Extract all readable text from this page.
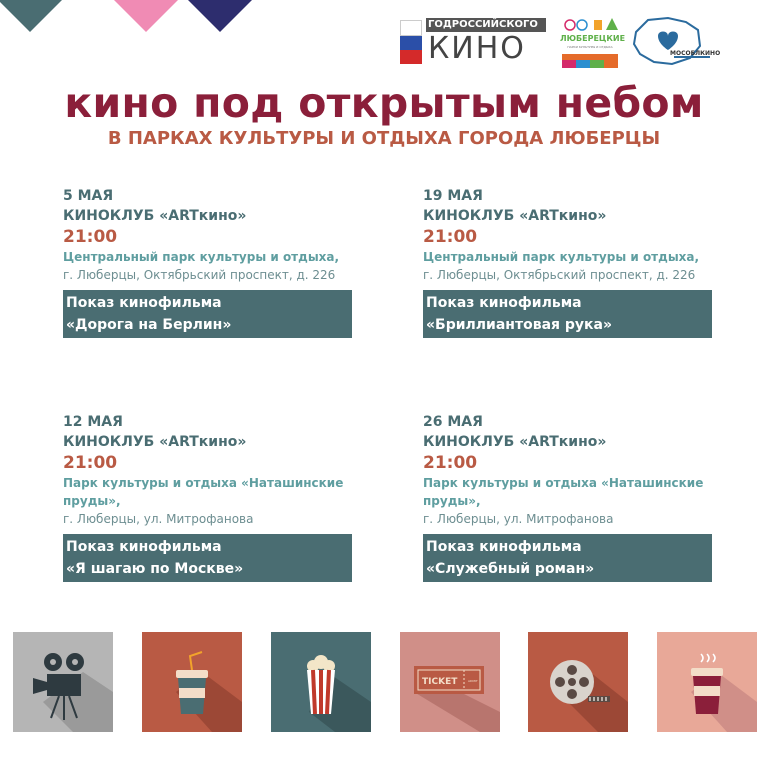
ГОДРОССИЙСКОГО
КИНО	ЛЮБЕРЕЦКИЕ
ПАРКИ КУЛЬТУРЫ И ОТДЫХА
МОСОБЛКИНО
кино под открытым небом
В ПАРКАХ КУЛЬТУРЫ И ОТДЫХА ГОРОДА ЛЮБЕРЦЫ
5 МАЯ
КИНОКЛУБ «ARTкино»
21:00
Центральный парк культуры и отдыха,
г. Люберцы, Октябрьский проспект, д. 226
Показ кинофильма
«Дорога на Берлин»
19 МАЯ
КИНОКЛУБ «ARTкино»
21:00
Центральный парк культуры и отдыха,
г. Люберцы, Октябрьский проспект, д. 226
Показ кинофильма
«Бриллиантовая рука»
12 МАЯ
КИНОКЛУБ «ARTкино»
21:00
Парк культуры и отдыха «Наташинские пруды»,
г. Люберцы, ул. Митрофанова
Показ кинофильма
«Я шагаю по Москве»
26 МАЯ
КИНОКЛУБ «ARTкино»
21:00
Парк культуры и отдыха «Наташинские пруды»,
г. Люберцы, ул. Митрофанова
Показ кинофильма
«Служебный роман»
TICKET	ADMIT
